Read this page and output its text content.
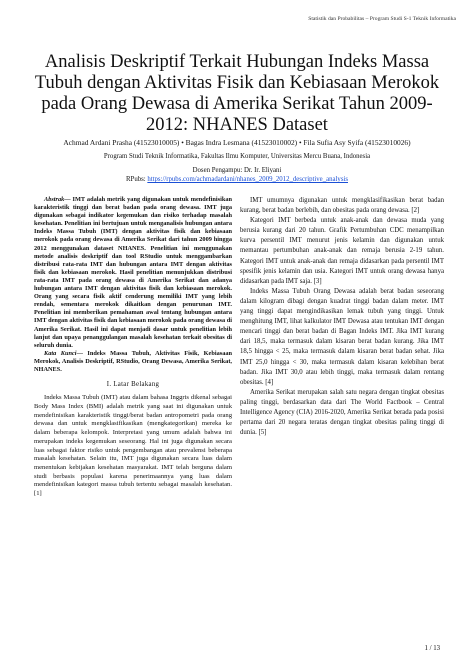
Statistik dan Probabilitas – Program Studi S-1 Teknik Informatika
Analisis Deskriptif Terkait Hubungan Indeks Massa Tubuh dengan Aktivitas Fisik dan Kebiasaan Merokok pada Orang Dewasa di Amerika Serikat Tahun 2009-2012: NHANES Dataset
Achmad Ardani Prasha (41523010005) • Bagas Indra Lesmana (41523010002) • Fila Sufia Asy Syifa (41523010026)
Program Studi Teknik Informatika, Fakultas Ilmu Komputer, Universitas Mercu Buana, Indonesia
Dosen Pengampu: Dr. Ir. Eliyani
RPubs: https://rpubs.com/achmadardani/nhanes_2009_2012_descriptive_analysis

Abstrak— IMT adalah metrik yang digunakan untuk mendefinisikan karakteristik tinggi dan berat badan pada orang dewasa. IMT juga digunakan sebagai indikator kegemukan dan risiko terhadap masalah kesehatan. Penelitian ini bertujuan untuk menganalisis hubungan antara Indeks Massa Tubuh (IMT) dengan aktivitas fisik dan kebiasaan merokok pada orang dewasa di Amerika Serikat dari tahun 2009 hingga 2012 menggunakan dataset NHANES. Penelitian ini menggunakan metode analisis deskriptif dan tool RStudio untuk menggambarkan distribusi rata-rata IMT dan hubungan antara IMT dengan aktivitas fisik dan kebiasaan merokok. Hasil penelitian menunjukkan distribusi rata-rata IMT pada orang dewasa di Amerika Serikat dan adanya hubungan antara IMT dengan aktivitas fisik dan kebiasaan merokok. Orang yang secara fisik aktif cenderung memiliki IMT yang lebih rendah, sementara merokok dikaitkan dengan penurunan IMT. Penelitian ini memberikan pemahaman awal tentang hubungan antara IMT dengan aktivitas fisik dan kebiasaan merokok pada orang dewasa di Amerika Serikat. Hasil ini dapat menjadi dasar untuk penelitian lebih lanjut dan upaya penanggulangan masalah kesehatan terkait obesitas di seluruh dunia.

Kata Kunci— Indeks Massa Tubuh, Aktivitas Fisik, Kebiasaan Merokok, Analisis Deskriptif, RStudio, Orang Dewasa, Amerika Serikat, NHANES.

I. Latar Belakang

Indeks Massa Tubuh (IMT) atau dalam bahasa Inggris dikenal sebagai Body Mass Index (BMI) adalah metrik yang saat ini digunakan untuk mendefinisikan karakteristik tinggi/berat badan antropometri pada orang dewasa dan untuk mengklasifikasikan (mengkategorikan) mereka ke dalam beberapa kelompok. Interpretasi yang umum adalah bahwa ini merupakan indeks kegemukan seseorang. Hal ini juga digunakan secara luas sebagai faktor risiko untuk pengembangan atau prevalensi beberapa masalah kesehatan. Selain itu, IMT juga digunakan secara luas dalam menentukan kebijakan kesehatan masyarakat. IMT telah berguna dalam studi berbasis populasi karena penerimaannya yang luas dalam mendefinisikan kategori massa tubuh tertentu sebagai masalah kesehatan. [1]

IMT umumnya digunakan untuk mengklasifikasikan berat badan kurang, berat badan berlebih, dan obesitas pada orang dewasa. [2]

Kategori IMT berbeda untuk anak-anak dan dewasa muda yang berusia kurang dari 20 tahun. Grafik Pertumbuhan CDC menampilkan kurva persentil IMT menurut jenis kelamin dan digunakan untuk memantau pertumbuhan anak-anak dan remaja berusia 2-19 tahun. Kategori IMT untuk anak-anak dan remaja didasarkan pada persentil IMT spesifik jenis kelamin dan usia. Kategori IMT untuk orang dewasa hanya didasarkan pada IMT saja. [3]

Indeks Massa Tubuh Orang Dewasa adalah berat badan seseorang dalam kilogram dibagi dengan kuadrat tinggi badan dalam meter. IMT yang tinggi dapat mengindikasikan lemak tubuh yang tinggi. Untuk menghitung IMT, lihat kalkulator IMT Dewasa atau tentukan IMT dengan mencari tinggi dan berat badan di Bagan Indeks IMT. Jika IMT kurang dari 18,5, maka termasuk dalam kisaran berat badan kurang. Jika IMT 18,5 hingga < 25, maka termasuk dalam kisaran berat badan sehat. Jika IMT 25,0 hingga < 30, maka termasuk dalam kisaran kelebihan berat badan. Jika IMT 30,0 atau lebih tinggi, maka termasuk dalam rentang obesitas. [4]

Amerika Serikat merupakan salah satu negara dengan tingkat obesitas paling tinggi, berdasarkan data dari The World Factbook – Central Intelligence Agency (CIA) 2016-2020, Amerika Serikat berada pada posisi pertama dari 20 negara teratas dengan tingkat obesitas paling tinggi di dunia. [5]

1 / 13
